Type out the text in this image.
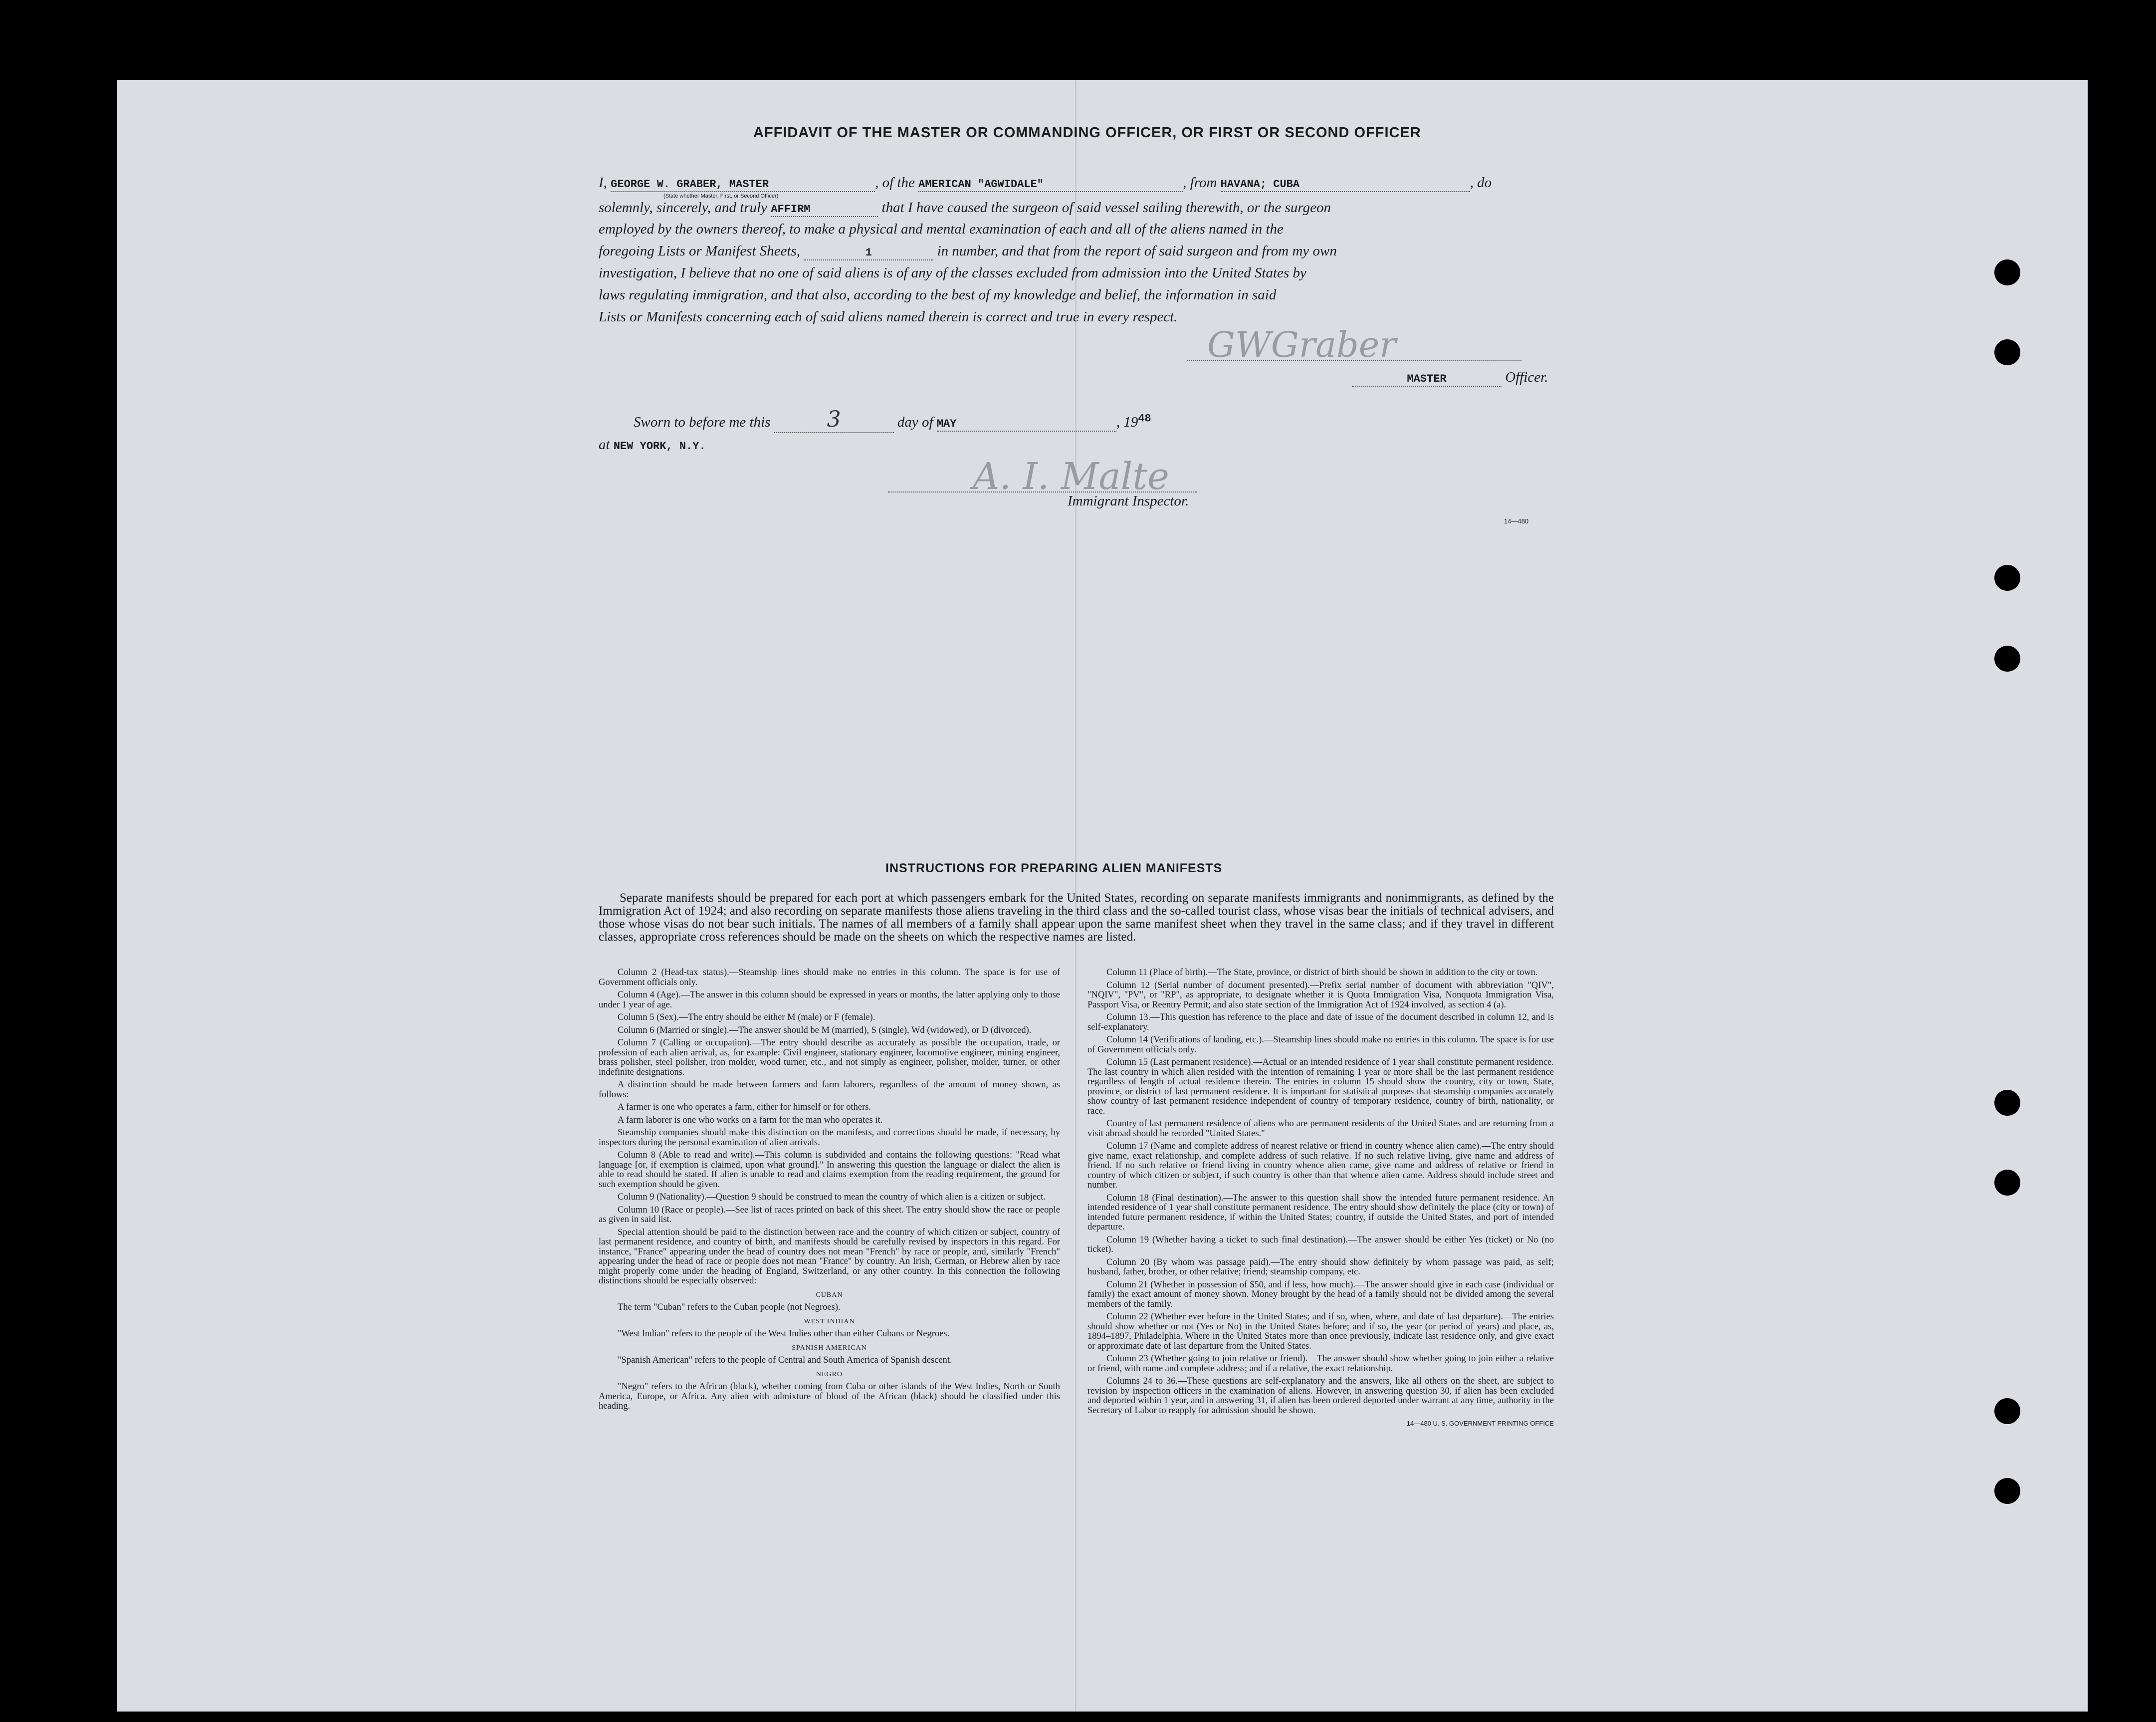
AFFIDAVIT OF THE MASTER OR COMMANDING OFFICER, OR FIRST OR SECOND OFFICER
I, GEORGE W. GRABER, MASTER	, of the AMERICAN "AGWIDALE"	, from HAVANA; CUBA	, do
(State whether Master, First, or Second Officer)
solemnly, sincerely, and truly AFFIRM	that I have caused the surgeon of said vessel sailing therewith, or the surgeon
employed by the owners thereof, to make a physical and mental examination of each and all of the aliens named in the
foregoing Lists or Manifest Sheets,	1	in number, and that from the report of said surgeon and from my own
investigation, I believe that no one of said aliens is of any of the classes excluded from admission into the United States by
laws regulating immigration, and that also, according to the best of my knowledge and belief, the information in said
Lists or Manifests concerning each of said aliens named therein is correct and true in every respect.
GWGraber
MASTER	Officer.
Sworn to before me this	3	day of MAY	, $19^{48}$
at NEW YORK, N.Y.
A. I. Malte
Immigrant Inspector.
14—480
INSTRUCTIONS FOR PREPARING ALIEN MANIFESTS

Separate manifests should be prepared for each port at which passengers embark for the United States, recording on separate manifests immigrants and nonimmigrants, as defined by the Immigration Act of 1924; and also recording on separate manifests those aliens traveling in the third class and the so-called tourist class, whose visas bear the initials of technical advisers, and those whose visas do not bear such initials. The names of all members of a family shall appear upon the same manifest sheet when they travel in the same class; and if they travel in different classes, appropriate cross references should be made on the sheets on which the respective names are listed.

Column 2 (Head-tax status).—Steamship lines should make no entries in this column. The space is for use of Government officials only.

Column 4 (Age).—The answer in this column should be expressed in years or months, the latter applying only to those under 1 year of age.

Column 5 (Sex).—The entry should be either M (male) or F (female).

Column 6 (Married or single).—The answer should be M (married), S (single), Wd (widowed), or D (divorced).

Column 7 (Calling or occupation).—The entry should describe as accurately as possible the occupation, trade, or profession of each alien arrival, as, for example: Civil engineer, stationary engineer, locomotive engineer, mining engineer, brass polisher, steel polisher, iron molder, wood turner, etc., and not simply as engineer, polisher, molder, turner, or other indefinite designations.

A distinction should be made between farmers and farm laborers, regardless of the amount of money shown, as follows:

A farmer is one who operates a farm, either for himself or for others.

A farm laborer is one who works on a farm for the man who operates it.

Steamship companies should make this distinction on the manifests, and corrections should be made, if necessary, by inspectors during the personal examination of alien arrivals.

Column 8 (Able to read and write).—This column is subdivided and contains the following questions: "Read what language [or, if exemption is claimed, upon what ground]." In answering this question the language or dialect the alien is able to read should be stated. If alien is unable to read and claims exemption from the reading requirement, the ground for such exemption should be given.

Column 9 (Nationality).—Question 9 should be construed to mean the country of which alien is a citizen or subject.

Column 10 (Race or people).—See list of races printed on back of this sheet. The entry should show the race or people as given in said list.

Special attention should be paid to the distinction between race and the country of which citizen or subject, country of last permanent residence, and country of birth, and manifests should be carefully revised by inspectors in this regard. For instance, "France" appearing under the head of country does not mean "French" by race or people, and, similarly "French" appearing under the head of race or people does not mean "France" by country. An Irish, German, or Hebrew alien by race might properly come under the heading of England, Switzerland, or any other country. In this connection the following distinctions should be especially observed:

CUBAN

The term "Cuban" refers to the Cuban people (not Negroes).

WEST INDIAN

"West Indian" refers to the people of the West Indies other than either Cubans or Negroes.

SPANISH AMERICAN

"Spanish American" refers to the people of Central and South America of Spanish descent.

NEGRO

"Negro" refers to the African (black), whether coming from Cuba or other islands of the West Indies, North or South America, Europe, or Africa. Any alien with admixture of blood of the African (black) should be classified under this heading.

Column 11 (Place of birth).—The State, province, or district of birth should be shown in addition to the city or town.

Column 12 (Serial number of document presented).—Prefix serial number of document with abbreviation "QIV", "NQIV", "PV", or "RP", as appropriate, to designate whether it is Quota Immigration Visa, Nonquota Immigration Visa, Passport Visa, or Reentry Permit; and also state section of the Immigration Act of 1924 involved, as section 4 (a).

Column 13.—This question has reference to the place and date of issue of the document described in column 12, and is self-explanatory.

Column 14 (Verifications of landing, etc.).—Steamship lines should make no entries in this column. The space is for use of Government officials only.

Column 15 (Last permanent residence).—Actual or an intended residence of 1 year shall constitute permanent residence. The last country in which alien resided with the intention of remaining 1 year or more shall be the last permanent residence regardless of length of actual residence therein. The entries in column 15 should show the country, city or town, State, province, or district of last permanent residence. It is important for statistical purposes that steamship companies accurately show country of last permanent residence independent of country of temporary residence, country of birth, nationality, or race.

Country of last permanent residence of aliens who are permanent residents of the United States and are returning from a visit abroad should be recorded "United States."

Column 17 (Name and complete address of nearest relative or friend in country whence alien came).—The entry should give name, exact relationship, and complete address of such relative. If no such relative living, give name and address of friend. If no such relative or friend living in country whence alien came, give name and address of relative or friend in country of which citizen or subject, if such country is other than that whence alien came. Address should include street and number.

Column 18 (Final destination).—The answer to this question shall show the intended future permanent residence. An intended residence of 1 year shall constitute permanent residence. The entry should show definitely the place (city or town) of intended future permanent residence, if within the United States; country, if outside the United States, and port of intended departure.

Column 19 (Whether having a ticket to such final destination).—The answer should be either Yes (ticket) or No (no ticket).

Column 20 (By whom was passage paid).—The entry should show definitely by whom passage was paid, as self; husband, father, brother, or other relative; friend; steamship company, etc.

Column 21 (Whether in possession of $50, and if less, how much).—The answer should give in each case (individual or family) the exact amount of money shown. Money brought by the head of a family should not be divided among the several members of the family.

Column 22 (Whether ever before in the United States; and if so, when, where, and date of last departure).—The entries should show whether or not (Yes or No) in the United States before; and if so, the year (or period of years) and place, as, 1894–1897, Philadelphia. Where in the United States more than once previously, indicate last residence only, and give exact or approximate date of last departure from the United States.

Column 23 (Whether going to join relative or friend).—The answer should show whether going to join either a relative or friend, with name and complete address; and if a relative, the exact relationship.

Columns 24 to 36.—These questions are self-explanatory and the answers, like all others on the sheet, are subject to revision by inspection officers in the examination of aliens. However, in answering question 30, if alien has been excluded and deported within 1 year, and in answering 31, if alien has been ordered deported under warrant at any time, authority in the Secretary of Labor to reapply for admission should be shown.

14—480 U. S. GOVERNMENT PRINTING OFFICE
